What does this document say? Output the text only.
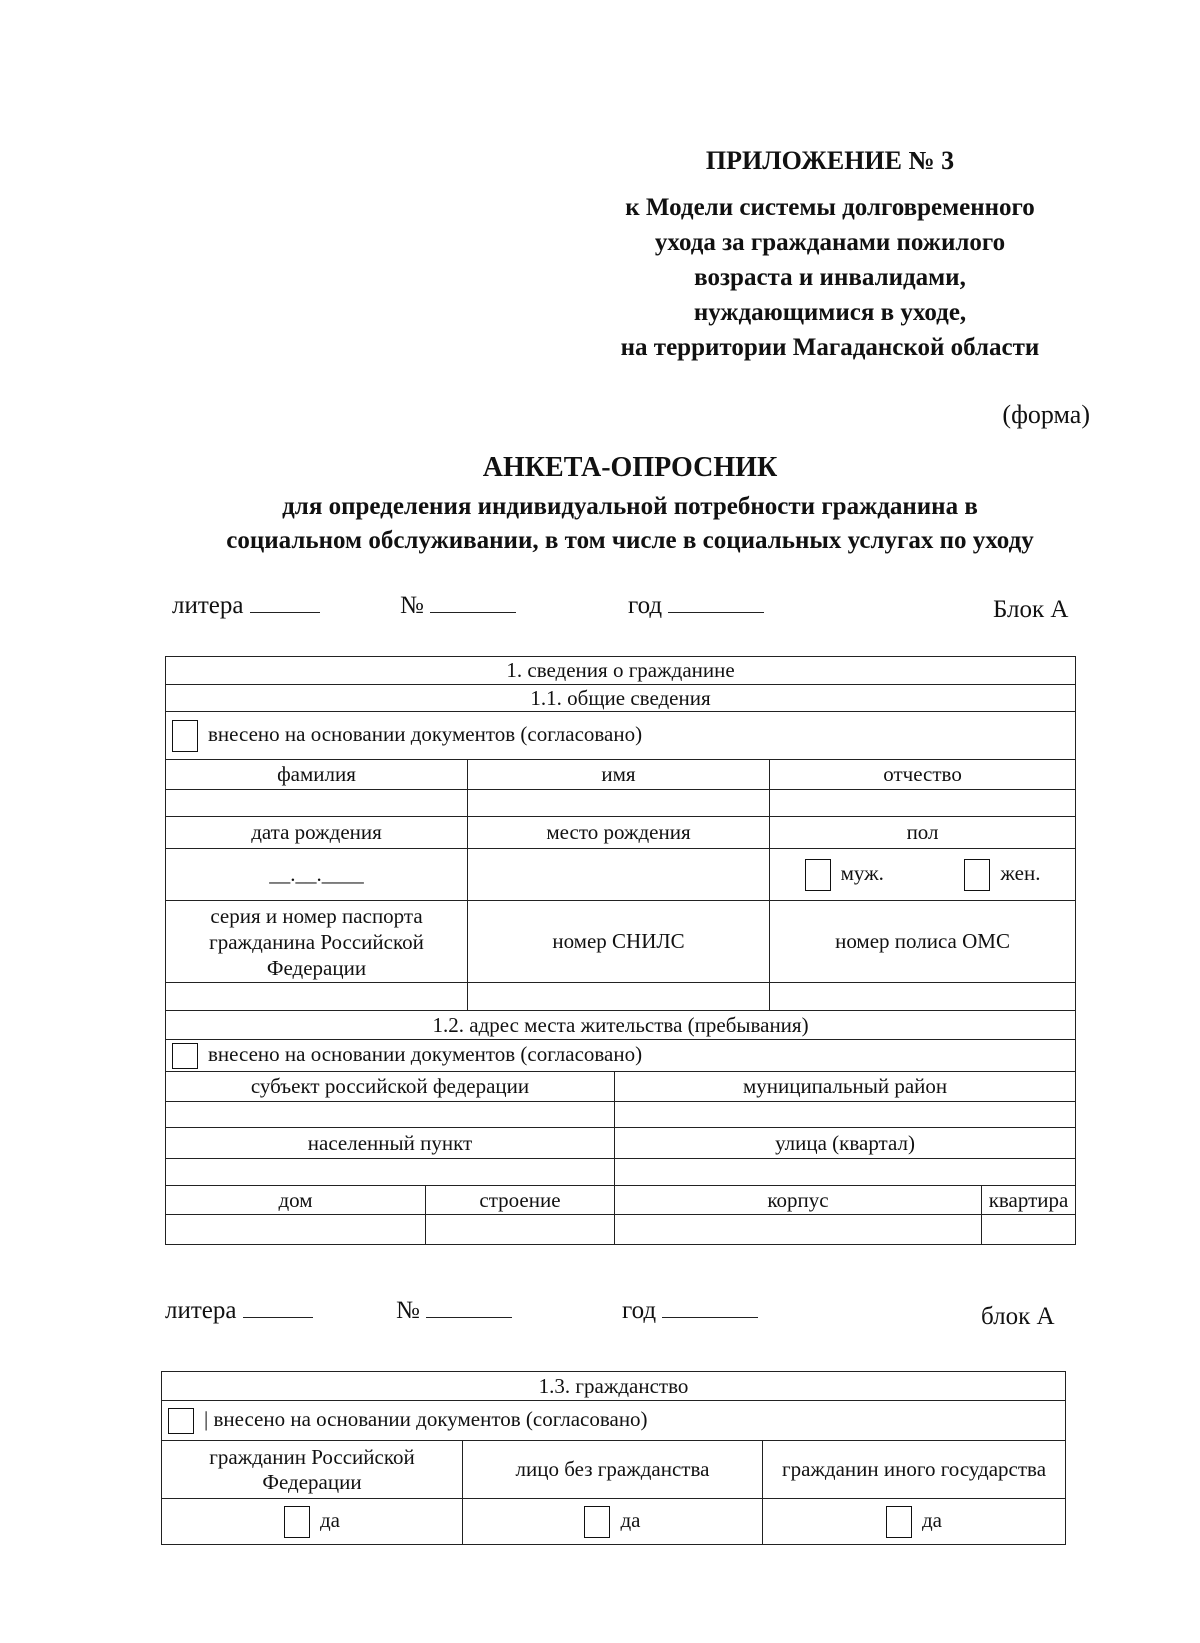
ПРИЛОЖЕНИЕ № 3
к Модели системы долговременного
ухода за гражданами пожилого
возраста и инвалидами,
нуждающимися в уходе,
на территории Магаданской области
(форма)
АНКЕТА-ОПРОСНИК
для определения индивидуальной потребности гражданина в
социальном обслуживании, в том числе в социальных услугах по уходу
литера	№	год	Блок А
1. сведения о гражданине					
1.1. общие сведения					
внесено на основании документов (согласовано)					
фамилия		имя		отчество	

дата рождения		место рождения		пол	
__.__.____				муж. жен.	
серия и номер паспорта гражданина Российской Федерации		номер СНИЛС		номер полиса ОМС	

1.2. адрес места жительства (пребывания)					
внесено на основании документов (согласовано)					
субъект российской федерации			муниципальный район		

населенный пункт			улица (квартал)		

дом	строение		корпус		квартира

литера	№	год	блок А
1.3. гражданство		
| внесено на основании документов (согласовано)		
гражданин Российской Федерации	лицо без гражданства	гражданин иного государства
да	да	да
